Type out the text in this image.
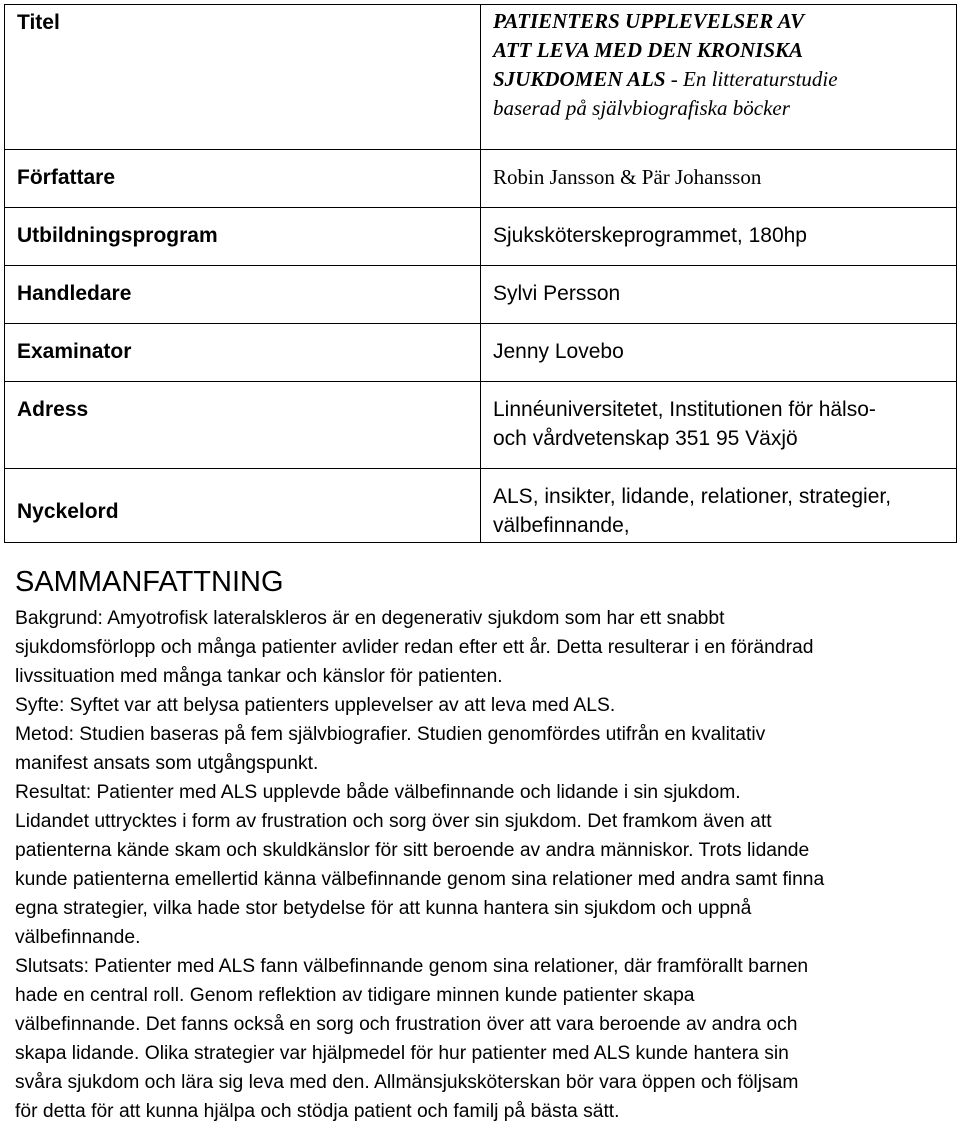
Titel	PATIENTERS UPPLEVELSER AV
ATT LEVA MED DEN KRONISKA
SJUKDOMEN ALS - En litteraturstudie
baserad på självbiografiska böcker

Författare	Robin Jansson & Pär Johansson

Utbildningsprogram	Sjuksköterskeprogrammet, 180hp

Handledare	Sylvi Persson

Examinator	Jenny Lovebo

Adress	Linnéuniversitetet, Institutionen för hälso-
och vårdvetenskap 351 95 Växjö

Nyckelord	ALS, insikter, lidande, relationer, strategier,
välbefinnande,
SAMMANFATTNING

Bakgrund: Amyotrofisk lateralskleros är en degenerativ sjukdom som har ett snabbt

sjukdomsförlopp och många patienter avlider redan efter ett år. Detta resulterar i en förändrad

livssituation med många tankar och känslor för patienten.

Syfte: Syftet var att belysa patienters upplevelser av att leva med ALS.

Metod: Studien baseras på fem självbiografier. Studien genomfördes utifrån en kvalitativ

manifest ansats som utgångspunkt.

Resultat: Patienter med ALS upplevde både välbefinnande och lidande i sin sjukdom.

Lidandet uttrycktes i form av frustration och sorg över sin sjukdom. Det framkom även att

patienterna kände skam och skuldkänslor för sitt beroende av andra människor. Trots lidande

kunde patienterna emellertid känna välbefinnande genom sina relationer med andra samt finna

egna strategier, vilka hade stor betydelse för att kunna hantera sin sjukdom och uppnå

välbefinnande.

Slutsats: Patienter med ALS fann välbefinnande genom sina relationer, där framförallt barnen

hade en central roll. Genom reflektion av tidigare minnen kunde patienter skapa

välbefinnande. Det fanns också en sorg och frustration över att vara beroende av andra och

skapa lidande. Olika strategier var hjälpmedel för hur patienter med ALS kunde hantera sin

svåra sjukdom och lära sig leva med den. Allmänsjuksköterskan bör vara öppen och följsam

för detta för att kunna hjälpa och stödja patient och familj på bästa sätt.
